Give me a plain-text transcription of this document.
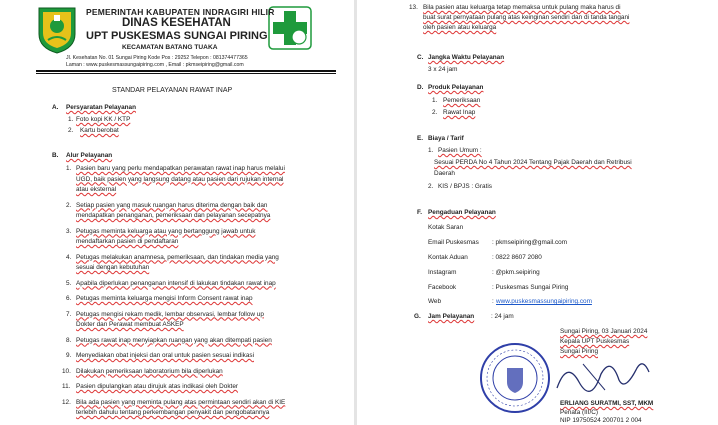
PEMERINTAH KABUPATEN INDRAGIRI HILIR
DINAS KESEHATAN
UPT PUSKESMAS SUNGAI PIRING
KECAMATAN BATANG TUAKA
Jl. Kesehatan No. 01 Sungai Piring Kode Pos : 29252 Telepon : 081374477365
Laman : www.puskesmassungaipiring.com , Email : pkmseipiring@gmail.com
STANDAR PELAYANAN RAWAT INAP
A. Persyaratan Pelayanan
1. Foto kopi KK / KTP
2. Kartu berobat
B. Alur Pelayanan
1. Pasien baru yang perlu mendapatkan perawatan rawat inap harus melalui
UGD, baik pasien yang langsung datang atau pasien dari rujukan internal
atau eksternal
2. Setiap pasien yang masuk ruangan harus diterima dengan baik dan
mendapatkan penanganan, pemeriksaan dan pelayanan secepatnya
3. Petugas meminta keluarga atau yang bertanggung jawab untuk
mendaftarkan pasien di pendaftaran
4. Petugas melakukan anamnesa, pemeriksaan, dan tindakan media yang
sesuai dengan kebutuhan
5. Apabila diperlukan penanganan intensif di lakukan tindakan rawat inap
6. Petugas meminta keluarga mengisi Inform Consent rawat inap
7. Petugas mengisi rekam medik, lembar observasi, lembar follow up
Dokter dan Perawat membuat ASKEP
8. Petugas rawat inap menyiapkan ruangan yang akan ditempati pasien
9. Menyediakan obat injeksi dan oral untuk pasien sesuai indikasi
10. Dilakukan pemeriksaan laboratorium bila diperlukan
11. Pasien dipulangkan atau dirujuk atas indikasi oleh Dokter
12. Bila ada pasien yang meminta pulang atas permintaan sendiri akan di KIE
terlebih dahulu tentang perkembangan penyakit dan pengobatannya
13. Bila pasien atau keluarga tetap memaksa untuk pulang maka harus di
buat surat pernyataan pulang atas keinginan sendiri dan di tanda tangani
oleh pasien atau keluarga
C. Jangka Waktu Pelayanan
3 x 24 jam
D. Produk Pelayanan
1. Pemeriksaan
2. Rawat Inap
E. Biaya / Tarif
1. Pasien Umum :
Sesuai PERDA No 4 Tahun 2024 Tentang Pajak Daerah dan Retribusi
Daerah
2. KIS / BPJS : Gratis
F. Pengaduan Pelayanan
Kotak Saran
Email Puskesmas : pkmseipiring@gmail.com
Kontak Aduan	: 0822 8607 2080
Instagram	: @pkm.seipiring
Facebook	: Puskesmas Sungai Piring
Web	: www.puskesmassungaipiring.com
G. Jam Pelayanan	: 24 jam
Sungai Piring, 03 Januari 2024
Kepala UPT Puskesmas
Sungai Piring
ERLIANG SURATMI, SST, MKM
Penata (III/C)
NIP 19750524 200701 2 004
